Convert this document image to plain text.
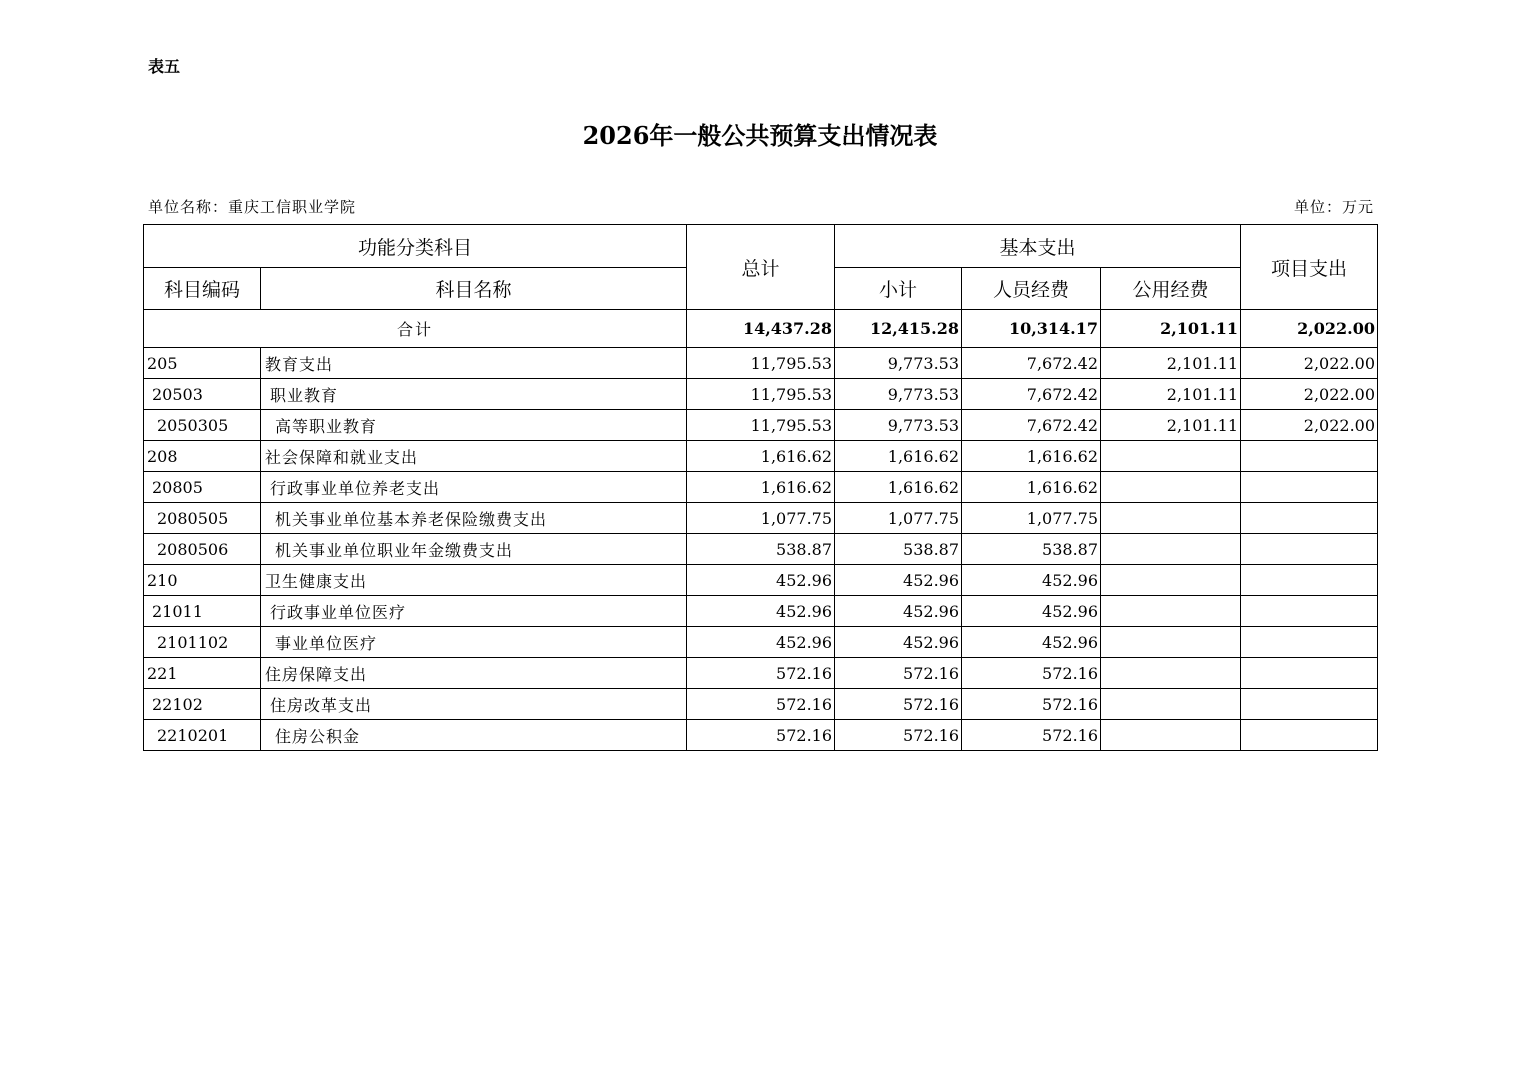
表五
2026年一般公共预算支出情况表
单位名称：重庆工信职业学院	单位：万元
功能分类科目		总计	基本支出			项目支出
科目编码	科目名称		小计	人员经费	公用经费	
合计		14,437.28	12,415.28	10,314.17	2,101.11	2,022.00
205	教育支出	11,795.53	9,773.53	7,672.42	2,101.11	2,022.00
20503	职业教育	11,795.53	9,773.53	7,672.42	2,101.11	2,022.00
2050305	高等职业教育	11,795.53	9,773.53	7,672.42	2,101.11	2,022.00
208	社会保障和就业支出	1,616.62	1,616.62	1,616.62		
20805	行政事业单位养老支出	1,616.62	1,616.62	1,616.62		
2080505	机关事业单位基本养老保险缴费支出	1,077.75	1,077.75	1,077.75		
2080506	机关事业单位职业年金缴费支出	538.87	538.87	538.87		
210	卫生健康支出	452.96	452.96	452.96		
21011	行政事业单位医疗	452.96	452.96	452.96		
2101102	事业单位医疗	452.96	452.96	452.96		
221	住房保障支出	572.16	572.16	572.16		
22102	住房改革支出	572.16	572.16	572.16		
2210201	住房公积金	572.16	572.16	572.16		
